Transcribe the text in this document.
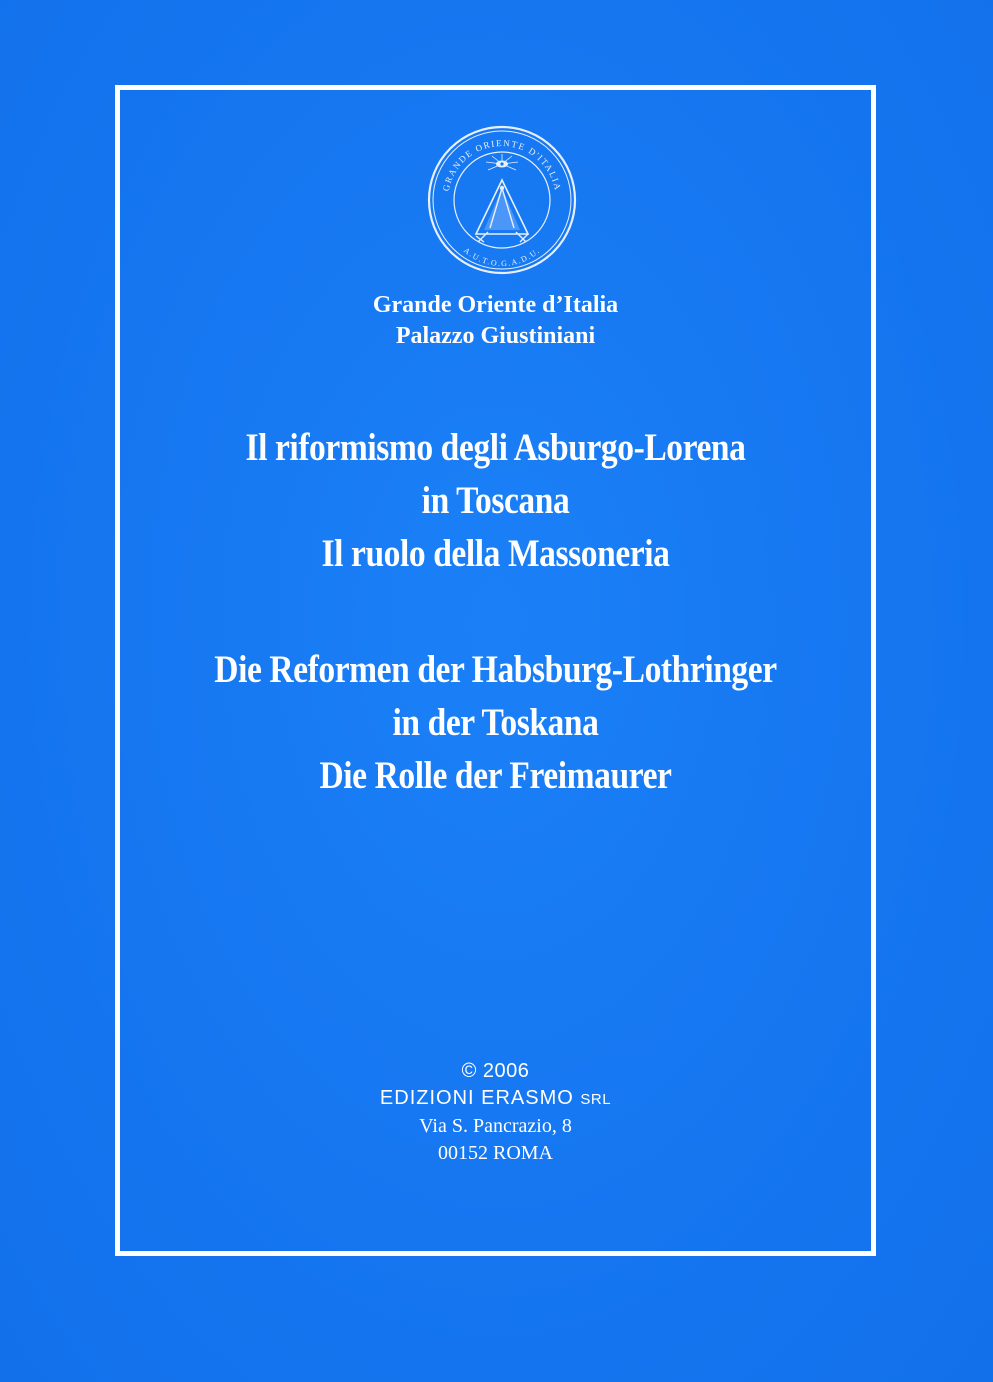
GRANDE ORIENTE D'ITALIA
A.U.T.O.G.A.D.U.
Grande Oriente d’Italia
Palazzo Giustiniani
Il riformismo degli Asburgo-Lorena
in Toscana
Il ruolo della Massoneria
Die Reformen der Habsburg-Lothringer
in der Toskana
Die Rolle der Freimaurer
© 2006
EDIZIONI ERASMO SRL
Via S. Pancrazio, 8
00152 ROMA
